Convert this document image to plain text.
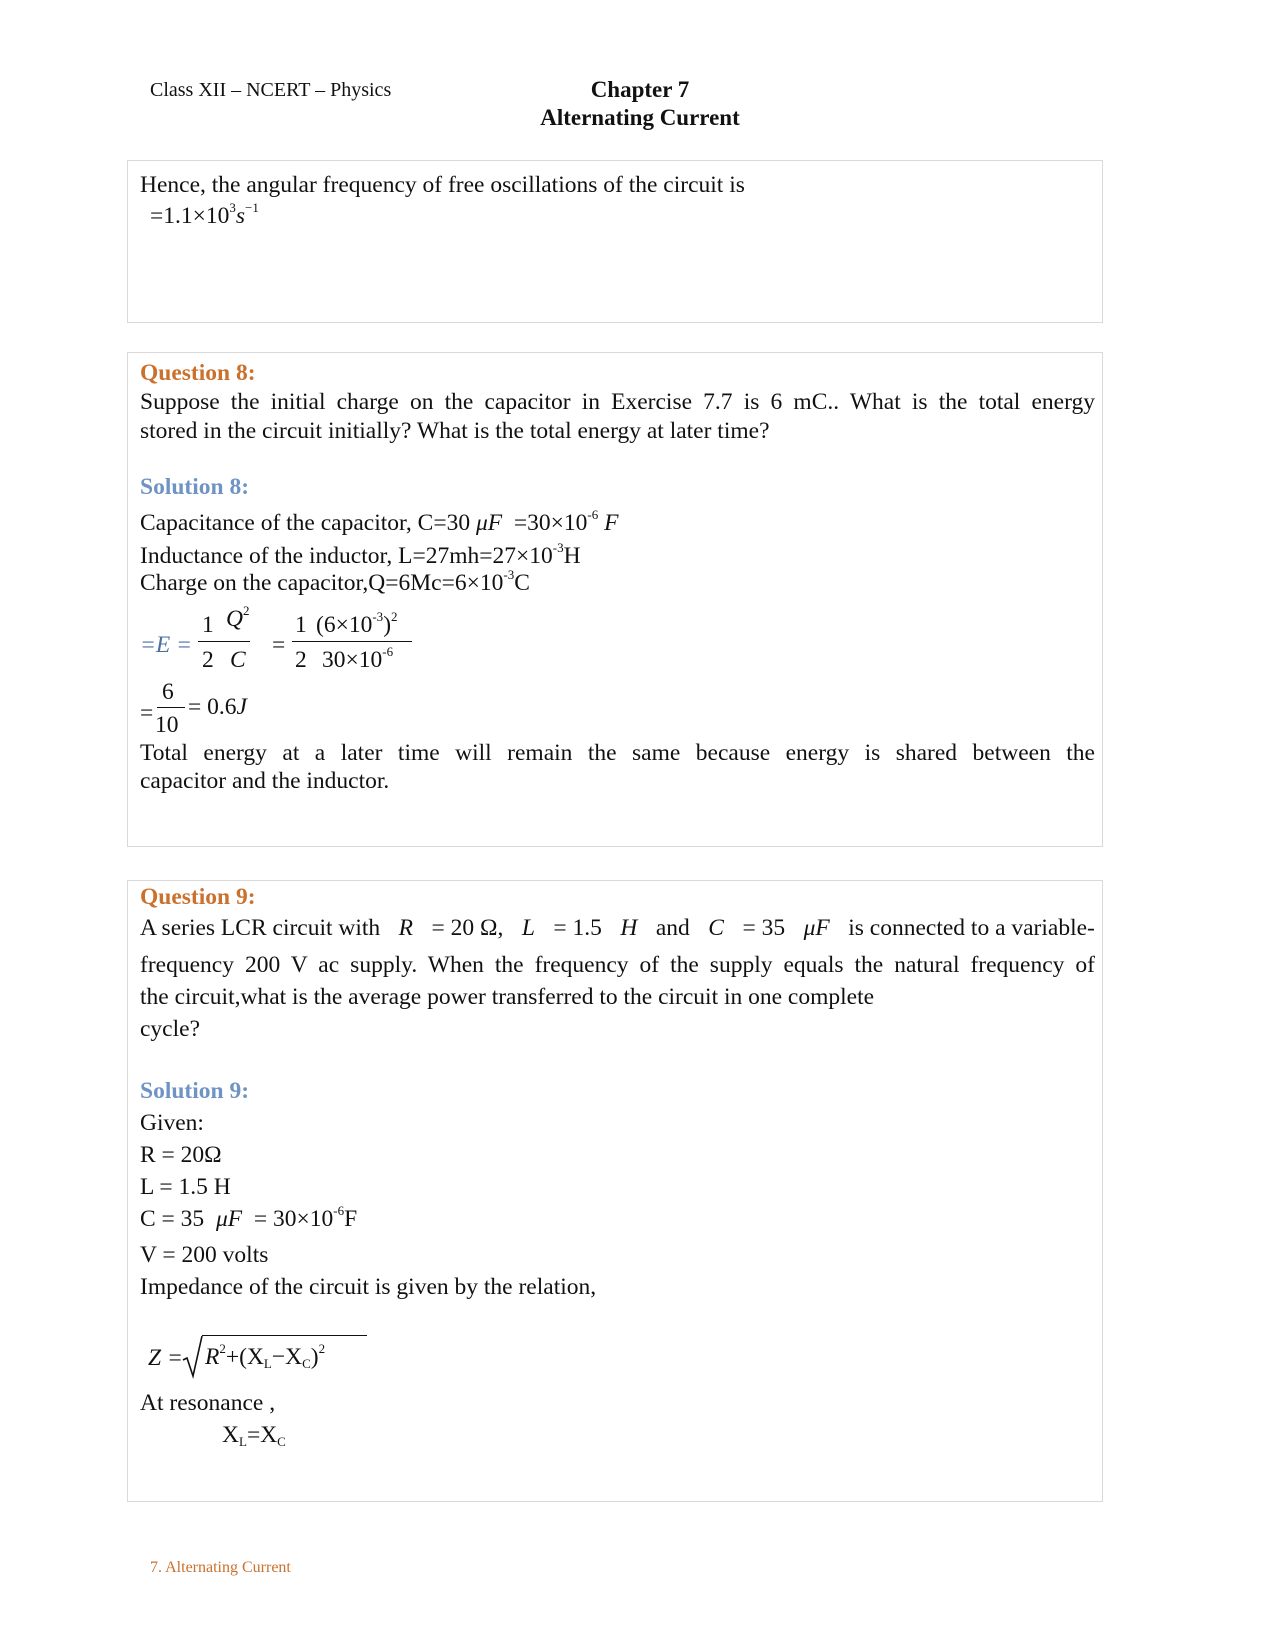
Class XII – NCERT – Physics	Chapter 7
Alternating Current
Hence, the angular frequency of free oscillations of the circuit is
$=1.1\times 10^3s^{-1}$
Question 8:
Suppose the initial charge on the capacitor in Exercise 7.7 is 6 mC.. What is the total energy
stored in the circuit initially? What is the total energy at later time?
Solution 8:
Capacitance of the capacitor, C=30 $\mu F =30\times 10^{-6}$ F
Inductance of the inductor, $L=27mh=27\times 10^{-3}H$
Charge on the $capacitor,Q=6Mc=6\times 10^{-3}C$
=E =
1
2
$Q^2$
C
=
1
2
$(6\times 10^{-3})^2$
$30\times 10^{-6}$
=
6
10
= 0.6J
Total energy at a later time will remain the same because energy is shared between the
capacitor and the inductor.
Question 9:
A series LCR circuit with R = 20 Ω, L = 1.5 H and C = 35 μF is connected to a variable-
frequency 200 V ac supply. When the frequency of the supply equals the natural frequency of
the circuit,what is the average power transferred to the circuit in one complete
cycle?
Solution 9:
Given:
R = 20Ω
L = 1.5 H
C = 35 $\mu F = 30\times 10^{-6}F$
V = 200 volts
Impedance of the circuit is given by the relation,
$Z = R^2+(X_L-X_C)^2$
At resonance ,
$X_L=X_C$
7. Alternating Current
